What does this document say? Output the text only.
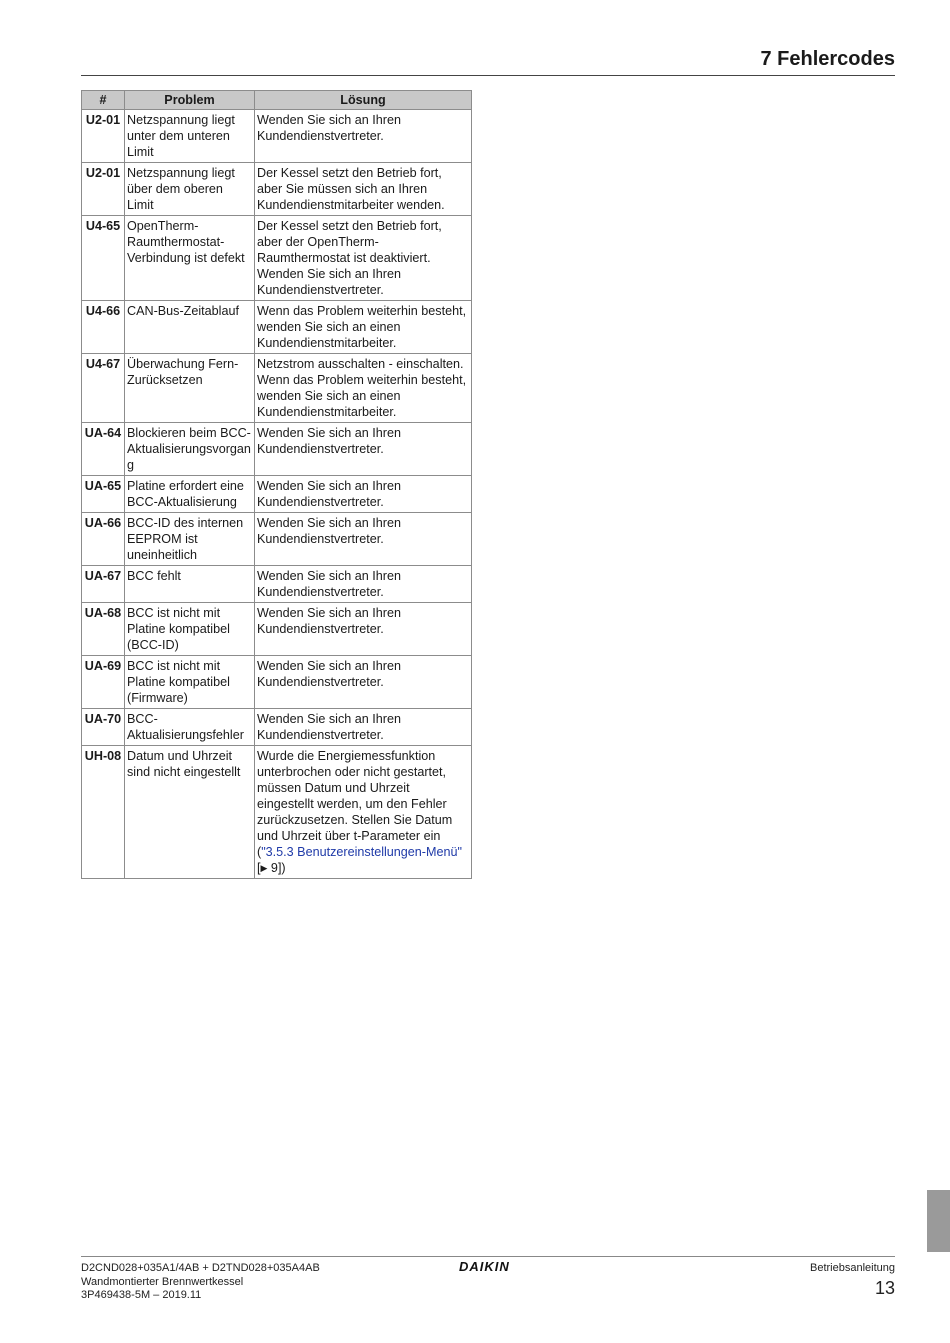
7 Fehlercodes
#	Problem	Lösung
U2-01	Netzspannung liegt unter dem unteren Limit	Wenden Sie sich an Ihren Kundendienstvertreter.
U2-01	Netzspannung liegt über dem oberen Limit	Der Kessel setzt den Betrieb fort, aber Sie müssen sich an Ihren Kundendienstmitarbeiter wenden.
U4-65	OpenTherm-Raumthermostat-Verbindung ist defekt	Der Kessel setzt den Betrieb fort, aber der OpenTherm-Raumthermostat ist deaktiviert. Wenden Sie sich an Ihren Kundendienstvertreter.
U4-66	CAN-Bus-Zeitablauf	Wenn das Problem weiterhin besteht, wenden Sie sich an einen Kundendienstmitarbeiter.
U4-67	Überwachung Fern-Zurücksetzen	Netzstrom ausschalten - einschalten. Wenn das Problem weiterhin besteht, wenden Sie sich an einen Kundendienstmitarbeiter.
UA-64	Blockieren beim BCC-Aktualisierungsvorgang	Wenden Sie sich an Ihren Kundendienstvertreter.
UA-65	Platine erfordert eine BCC-Aktualisierung	Wenden Sie sich an Ihren Kundendienstvertreter.
UA-66	BCC-ID des internen EEPROM ist uneinheitlich	Wenden Sie sich an Ihren Kundendienstvertreter.
UA-67	BCC fehlt	Wenden Sie sich an Ihren Kundendienstvertreter.
UA-68	BCC ist nicht mit Platine kompatibel (BCC-ID)	Wenden Sie sich an Ihren Kundendienstvertreter.
UA-69	BCC ist nicht mit Platine kompatibel (Firmware)	Wenden Sie sich an Ihren Kundendienstvertreter.
UA-70	BCC-Aktualisierungsfehler	Wenden Sie sich an Ihren Kundendienstvertreter.
UH-08	Datum und Uhrzeit sind nicht eingestellt	Wurde die Energiemessfunktion unterbrochen oder nicht gestartet, müssen Datum und Uhrzeit eingestellt werden, um den Fehler zurückzusetzen. Stellen Sie Datum und Uhrzeit über t-Parameter ein ("3.5.3 Benutzereinstellungen-Menü" [▶ 9])
D2CND028+035A1/4AB + D2TND028+035A4AB
Wandmontierter Brennwertkessel
3P469438-5M – 2019.11
DAIKIN	Betriebsanleitung
13
